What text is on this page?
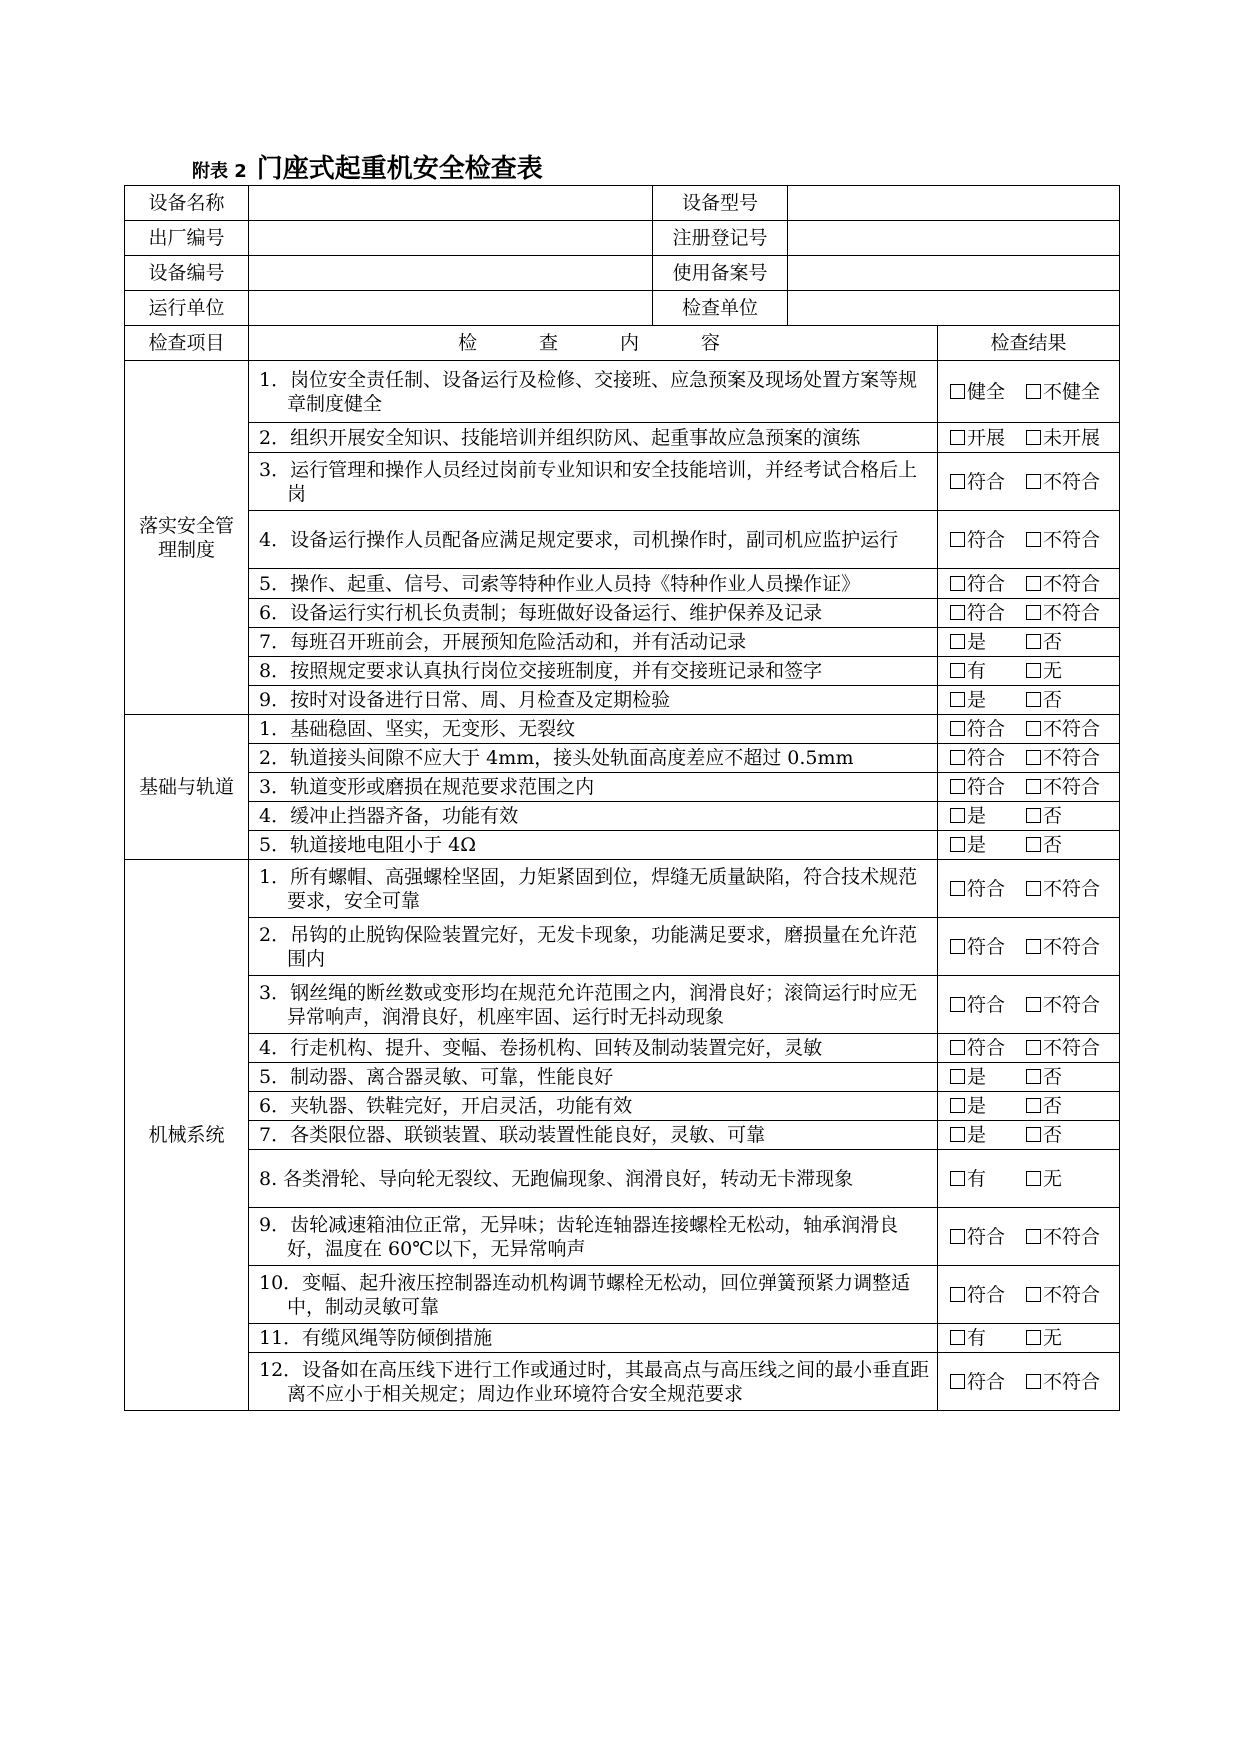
附表 2 门座式起重机安全检查表
设备名称		设备型号		
出厂编号		注册登记号		
设备编号		使用备案号		
运行单位		检查单位		
检查项目	检查内容			检查结果
落实安全管理制度	1．岗位安全责任制、设备运行及检修、交接班、应急预案及现场处置方案等规章制度健全			健全 不健全

	2．组织开展安全知识、技能培训并组织防风、起重事故应急预案的演练			开展 未开展

	3．运行管理和操作人员经过岗前专业知识和安全技能培训，并经考试合格后上岗			符合 不符合

	4．设备运行操作人员配备应满足规定要求，司机操作时，副司机应监护运行			符合 不符合

	5．操作、起重、信号、司索等特种作业人员持《特种作业人员操作证》			符合 不符合

	6．设备运行实行机长负责制；每班做好设备运行、维护保养及记录			符合 不符合

	7．每班召开班前会，开展预知危险活动和，并有活动记录			是 否

	8．按照规定要求认真执行岗位交接班制度，并有交接班记录和签字			有 无

	9．按时对设备进行日常、周、月检查及定期检验			是 否
基础与轨道	1．基础稳固、坚实，无变形、无裂纹			符合 不符合

	2．轨道接头间隙不应大于 4mm，接头处轨面高度差应不超过 0.5mm			符合 不符合

	3．轨道变形或磨损在规范要求范围之内			符合 不符合

	4．缓冲止挡器齐备，功能有效			是 否

	5．轨道接地电阻小于 4Ω			是 否
机械系统	1．所有螺帽、高强螺栓坚固，力矩紧固到位，焊缝无质量缺陷，符合技术规范要求，安全可靠			符合 不符合

	2．吊钩的止脱钩保险装置完好，无发卡现象，功能满足要求，磨损量在允许范围内			符合 不符合

	3．钢丝绳的断丝数或变形均在规范允许范围之内，润滑良好；滚筒运行时应无异常响声，润滑良好，机座牢固、运行时无抖动现象			符合 不符合

	4．行走机构、提升、变幅、卷扬机构、回转及制动装置完好，灵敏			符合 不符合

	5．制动器、离合器灵敏、可靠，性能良好			是 否

	6．夹轨器、铁鞋完好，开启灵活，功能有效			是 否

	7．各类限位器、联锁装置、联动装置性能良好，灵敏、可靠			是 否

	8. 各类滑轮、导向轮无裂纹、无跑偏现象、润滑良好，转动无卡滞现象			有 无

	9．齿轮减速箱油位正常，无异味；齿轮连轴器连接螺栓无松动，轴承润滑良好，温度在 60℃以下，无异常响声			符合 不符合

	10．变幅、起升液压控制器连动机构调节螺栓无松动，回位弹簧预紧力调整适中，制动灵敏可靠			符合 不符合

	11．有缆风绳等防倾倒措施			有 无

	12．设备如在高压线下进行工作或通过时，其最高点与高压线之间的最小垂直距离不应小于相关规定；周边作业环境符合安全规范要求			符合 不符合
